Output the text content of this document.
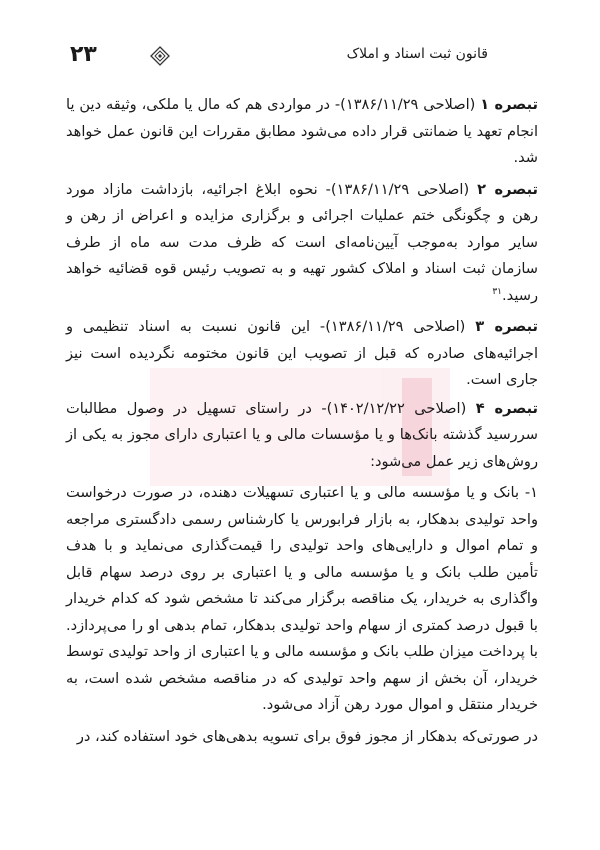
۲۳	قانون ثبت اسناد و املاک

تبصره ۱ (اصلاحی ۱۳۸۶/۱۱/۲۹)- در مواردی هم که مال یا ملکی، وثیقه دین یا انجام تعهد یا ضمانتی قرار داده می‌شود مطابق مقررات این قانون عمل خواهد شد.

تبصره ۲ (اصلاحی ۱۳۸۶/۱۱/۲۹)- نحوه ابلاغ اجرائیه، بازداشت مازاد مورد رهن و چگونگی ختم عملیات اجرائی و برگزاری مزایده و اعراض از رهن و سایر موارد به‌موجب آیین‌نامه‌ای است که ظرف مدت سه ماه از طرف سازمان ثبت اسناد و املاک کشور تهیه و به تصویب رئیس قوه قضائیه خواهد رسید.$^{۳۱}$

تبصره ۳ (اصلاحی ۱۳۸۶/۱۱/۲۹)- این قانون نسبت به اسناد تنظیمی و اجرائیه‌های صادره که قبل از تصویب این قانون مختومه نگردیده است نیز جاری است.

تبصره ۴ (اصلاحی ۱۴۰۲/۱۲/۲۲)- در راستای تسهیل در وصول مطالبات سررسید گذشته بانک‌ها و یا مؤسسات مالی و یا اعتباری دارای مجوز به یکی از روش‌های زیر عمل می‌شود:

۱- بانک و یا مؤسسه مالی و یا اعتباری تسهیلات دهنده، در صورت درخواست واحد تولیدی بدهکار، به بازار فرابورس یا کارشناس رسمی دادگستری مراجعه و تمام اموال و دارایی‌های واحد تولیدی را قیمت‌گذاری می‌نماید و با هدف تأمین طلب بانک و یا مؤسسه مالی و یا اعتباری بر روی درصد سهام قابل واگذاری به خریدار، یک مناقصه برگزار می‌کند تا مشخص شود که کدام خریدار با قبول درصد کمتری از سهام واحد تولیدی بدهکار، تمام بدهی او را می‌پردازد. با پرداخت میزان طلب بانک و مؤسسه مالی و یا اعتباری از واحد تولیدی توسط خریدار، آن بخش از سهم واحد تولیدی که در مناقصه مشخص شده است، به خریدار منتقل و اموال مورد رهن آزاد می‌شود.

در صورتی‌که بدهکار از مجوز فوق برای تسویه بدهی‌های خود استفاده کند، در
